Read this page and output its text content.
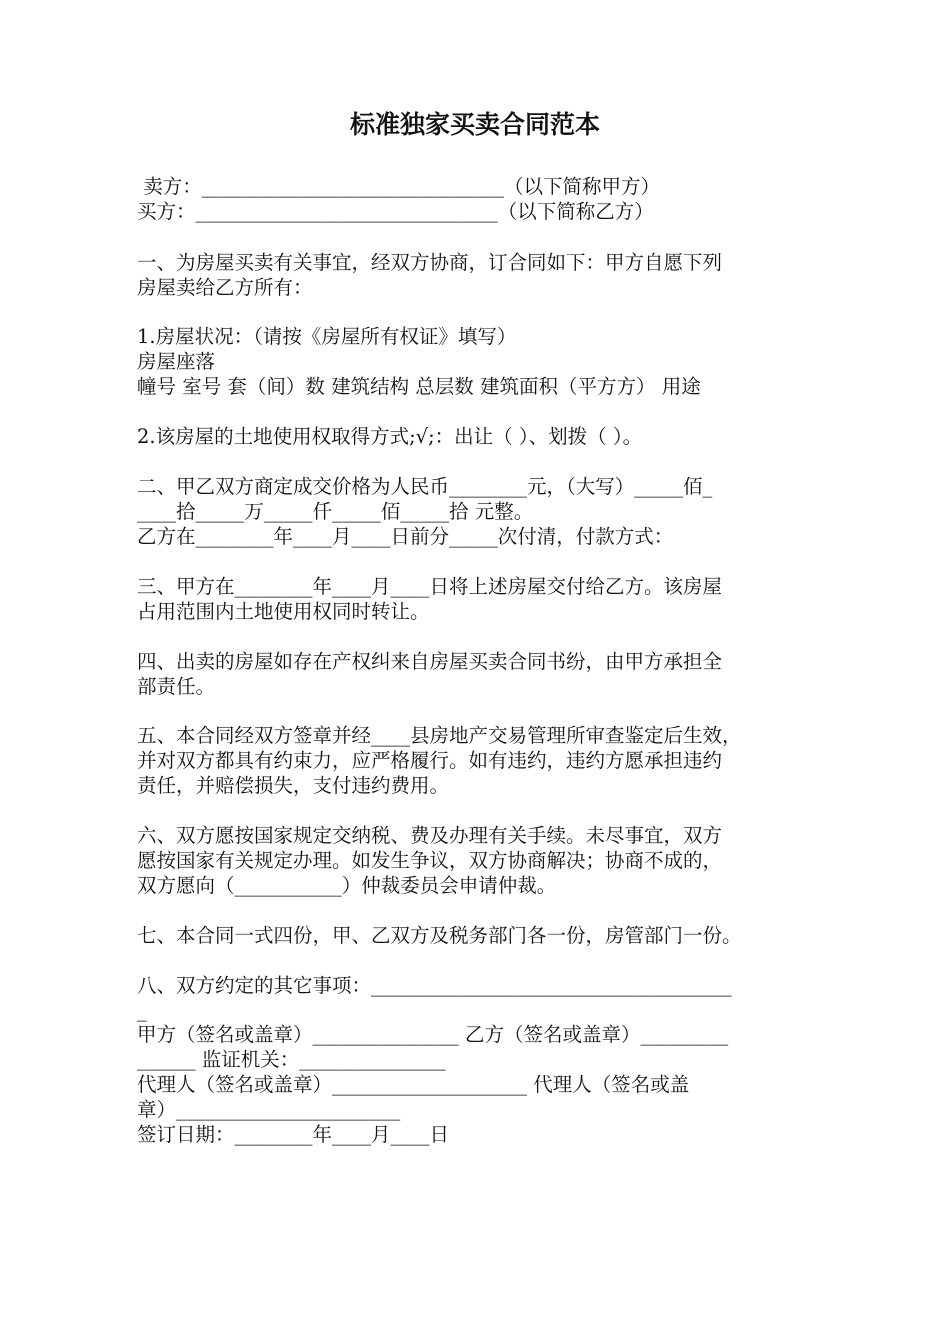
标准独家买卖合同范本
卖方：_______________________________（以下简称甲方）
买方：_______________________________（以下简称乙方）
一、为房屋买卖有关事宜，经双方协商，订合同如下：甲方自愿下列
房屋卖给乙方所有：
1.房屋状况：（请按《房屋所有权证》填写）
房屋座落
幢号 室号 套（间）数 建筑结构 总层数 建筑面积（平方方） 用途
2.该房屋的土地使用权取得方式;√;：出让（ ）、划拨（ ）。
二、甲乙双方商定成交价格为人民币________元，（大写）_____佰_
____拾_____万_____仟_____佰_____拾 元整。
乙方在________年____月____日前分_____次付清，付款方式：
三、甲方在________年____月____日将上述房屋交付给乙方。该房屋
占用范围内土地使用权同时转让。
四、出卖的房屋如存在产权纠来自房屋买卖合同书纷，由甲方承担全
部责任。
五、本合同经双方签章并经____县房地产交易管理所审查鉴定后生效，
并对双方都具有约束力，应严格履行。如有违约，违约方愿承担违约
责任，并赔偿损失，支付违约费用。
六、双方愿按国家规定交纳税、费及办理有关手续。未尽事宜，双方
愿按国家有关规定办理。如发生争议，双方协商解决；协商不成的，
双方愿向（___________）仲裁委员会申请仲裁。
七、本合同一式四份，甲、乙双方及税务部门各一份，房管部门一份。
八、双方约定的其它事项：_____________________________________
_
甲方（签名或盖章）_______________ 乙方（签名或盖章）_________
______ 监证机关：_______________
代理人（签名或盖章）____________________ 代理人（签名或盖
章）_______________________
签订日期：________年____月____日
